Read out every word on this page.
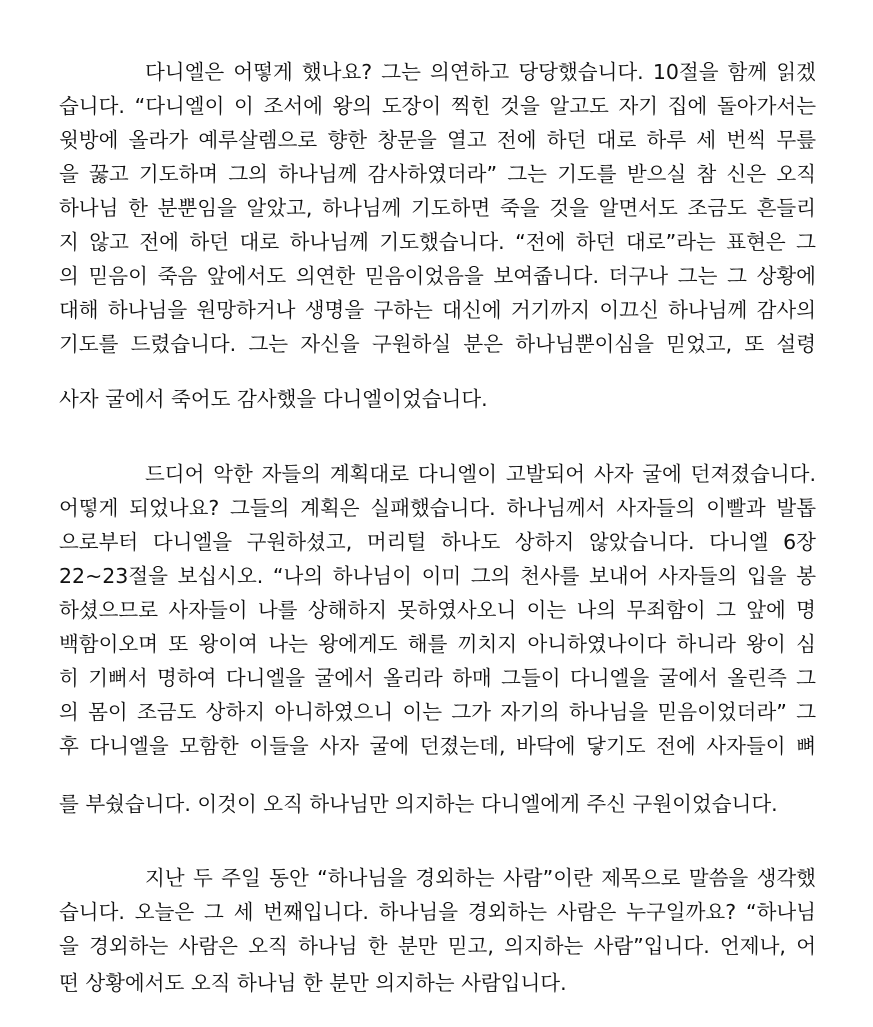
다니엘은 어떻게 했나요? 그는 의연하고 당당했습니다. 10절을 함께 읽겠
습니다. “다니엘이 이 조서에 왕의 도장이 찍힌 것을 알고도 자기 집에 돌아가서는
윗방에 올라가 예루살렘으로 향한 창문을 열고 전에 하던 대로 하루 세 번씩 무릎
을 꿇고 기도하며 그의 하나님께 감사하였더라” 그는 기도를 받으실 참 신은 오직
하나님 한 분뿐임을 알았고, 하나님께 기도하면 죽을 것을 알면서도 조금도 흔들리
지 않고 전에 하던 대로 하나님께 기도했습니다. “전에 하던 대로”라는 표현은 그
의 믿음이 죽음 앞에서도 의연한 믿음이었음을 보여줍니다. 더구나 그는 그 상황에
대해 하나님을 원망하거나 생명을 구하는 대신에 거기까지 이끄신 하나님께 감사의
기도를 드렸습니다. 그는 자신을 구원하실 분은 하나님뿐이심을 믿었고, 또 설령
사자 굴에서 죽어도 감사했을 다니엘이었습니다.
드디어 악한 자들의 계획대로 다니엘이 고발되어 사자 굴에 던져졌습니다.
어떻게 되었나요? 그들의 계획은 실패했습니다. 하나님께서 사자들의 이빨과 발톱
으로부터 다니엘을 구원하셨고, 머리털 하나도 상하지 않았습니다. 다니엘 6장
22~23절을 보십시오. “나의 하나님이 이미 그의 천사를 보내어 사자들의 입을 봉
하셨으므로 사자들이 나를 상해하지 못하였사오니 이는 나의 무죄함이 그 앞에 명
백함이오며 또 왕이여 나는 왕에게도 해를 끼치지 아니하였나이다 하니라 왕이 심
히 기뻐서 명하여 다니엘을 굴에서 올리라 하매 그들이 다니엘을 굴에서 올린즉 그
의 몸이 조금도 상하지 아니하였으니 이는 그가 자기의 하나님을 믿음이었더라” 그
후 다니엘을 모함한 이들을 사자 굴에 던졌는데, 바닥에 닿기도 전에 사자들이 뼈
를 부쉈습니다. 이것이 오직 하나님만 의지하는 다니엘에게 주신 구원이었습니다.
지난 두 주일 동안 “하나님을 경외하는 사람”이란 제목으로 말씀을 생각했
습니다. 오늘은 그 세 번째입니다. 하나님을 경외하는 사람은 누구일까요? “하나님
을 경외하는 사람은 오직 하나님 한 분만 믿고, 의지하는 사람”입니다. 언제나, 어
떤 상황에서도 오직 하나님 한 분만 의지하는 사람입니다.
